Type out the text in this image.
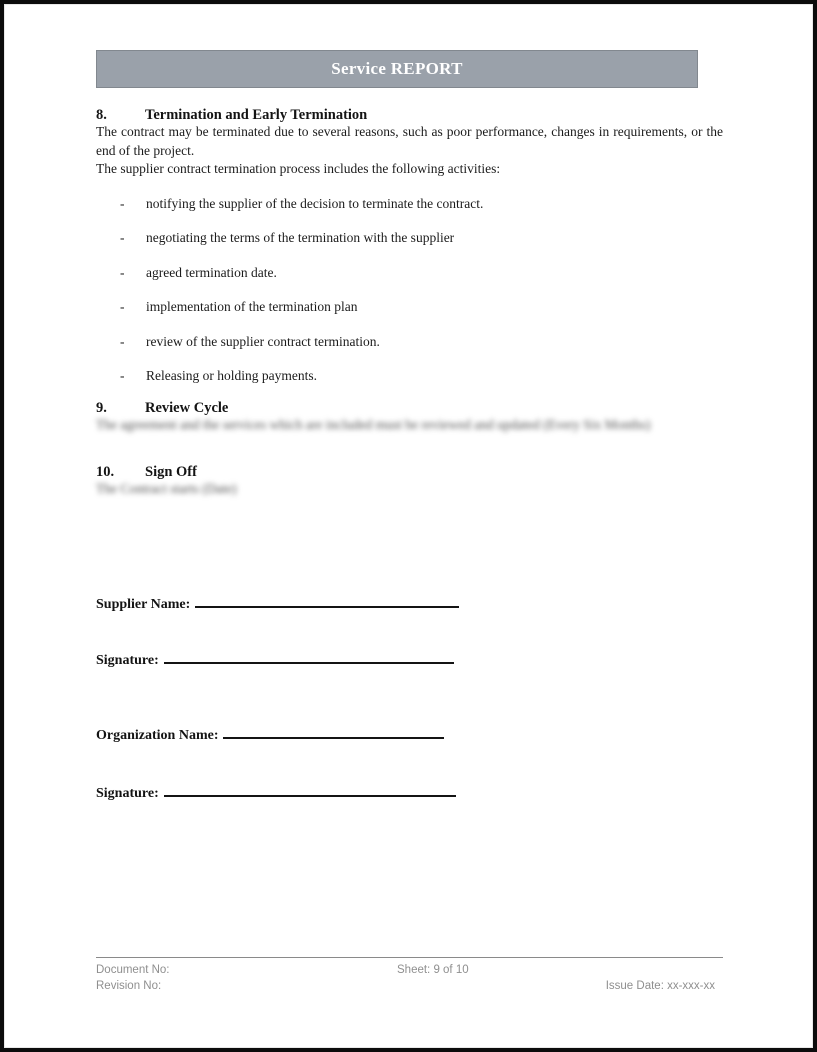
Service REPORT
8.	Termination and Early Termination

The contract may be terminated due to several reasons, such as poor performance, changes in requirements, or the end of the project.

The supplier contract termination process includes the following activities:

-	notifying the supplier of the decision to terminate the contract.
-	negotiating the terms of the termination with the supplier
-	agreed termination date.
-	implementation of the termination plan
-	review of the supplier contract termination.
-	Releasing or holding payments.
9.	Review Cycle

The agreement and the services which are included must be reviewed and updated (Every Six Months)

10.	Sign Off

The Contract starts (Date)

Supplier Name:
Signature:
Organization Name:
Signature:
Document No:	Sheet: 9 of 10
Revision No:	Issue Date: xx-xxx-xx
